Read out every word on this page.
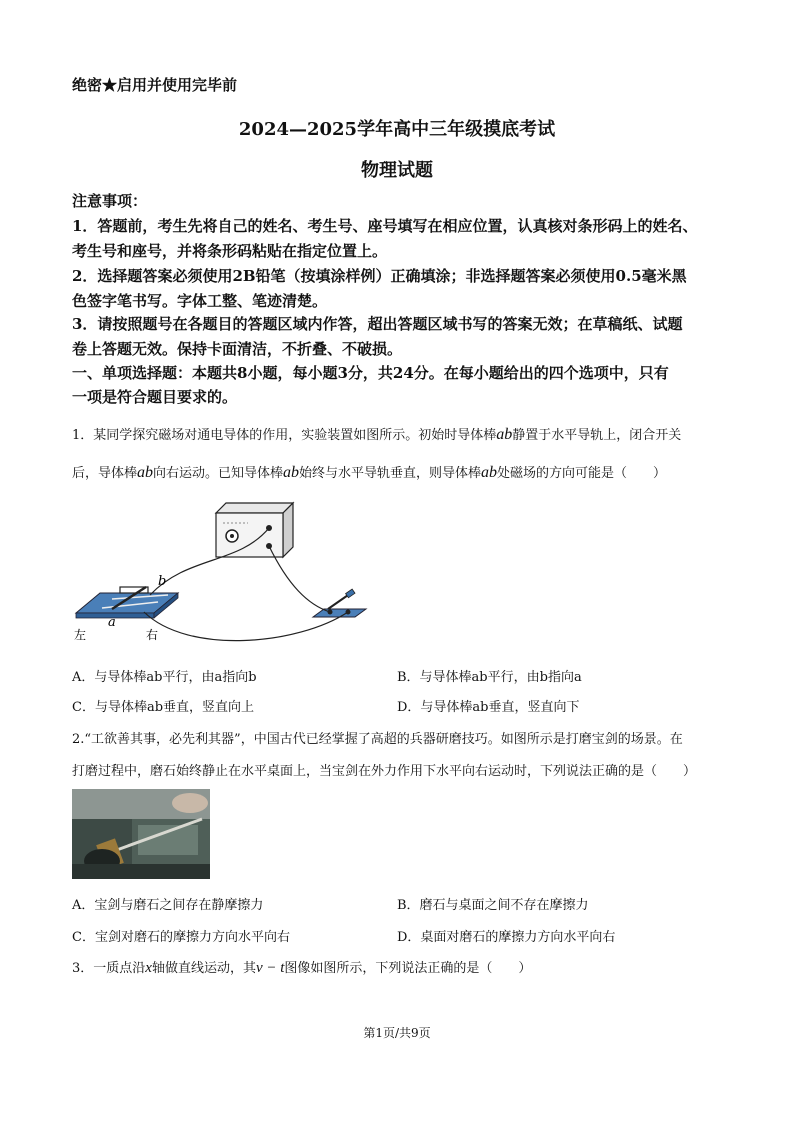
绝密★启用并使用完毕前
2024—2025学年高中三年级摸底考试
物理试题
注意事项：
1．答题前，考生先将自己的姓名、考生号、座号填写在相应位置，认真核对条形码上的姓名、
考生号和座号，并将条形码粘贴在指定位置上。
2．选择题答案必须使用2B铅笔（按填涂样例）正确填涂；非选择题答案必须使用0.5毫米黑
色签字笔书写。字体工整、笔迹清楚。
3．请按照题号在各题目的答题区域内作答，超出答题区域书写的答案无效；在草稿纸、试题
卷上答题无效。保持卡面清洁，不折叠、不破损。
一、单项选择题：本题共8小题，每小题3分，共24分。在每小题给出的四个选项中，只有
一项是符合题目要求的。
1．某同学探究磁场对通电导体的作用，实验装置如图所示。初始时导体棒ab静置于水平导轨上，闭合开关
后，导体棒ab向右运动。已知导体棒ab始终与水平导轨垂直，则导体棒ab处磁场的方向可能是（　　）
b
a
左	右
A．与导体棒ab平行，由a指向b	B．与导体棒ab平行，由b指向a
C．与导体棒ab垂直，竖直向上	D．与导体棒ab垂直，竖直向下
2.“工欲善其事，必先利其器”，中国古代已经掌握了高超的兵器研磨技巧。如图所示是打磨宝剑的场景。在
打磨过程中，磨石始终静止在水平桌面上，当宝剑在外力作用下水平向右运动时，下列说法正确的是（　　）
A．宝剑与磨石之间存在静摩擦力	B．磨石与桌面之间不存在摩擦力
C．宝剑对磨石的摩擦力方向水平向右	D．桌面对磨石的摩擦力方向水平向右
3．一质点沿x轴做直线运动，其v − t图像如图所示，下列说法正确的是（　　）
第1页/共9页
